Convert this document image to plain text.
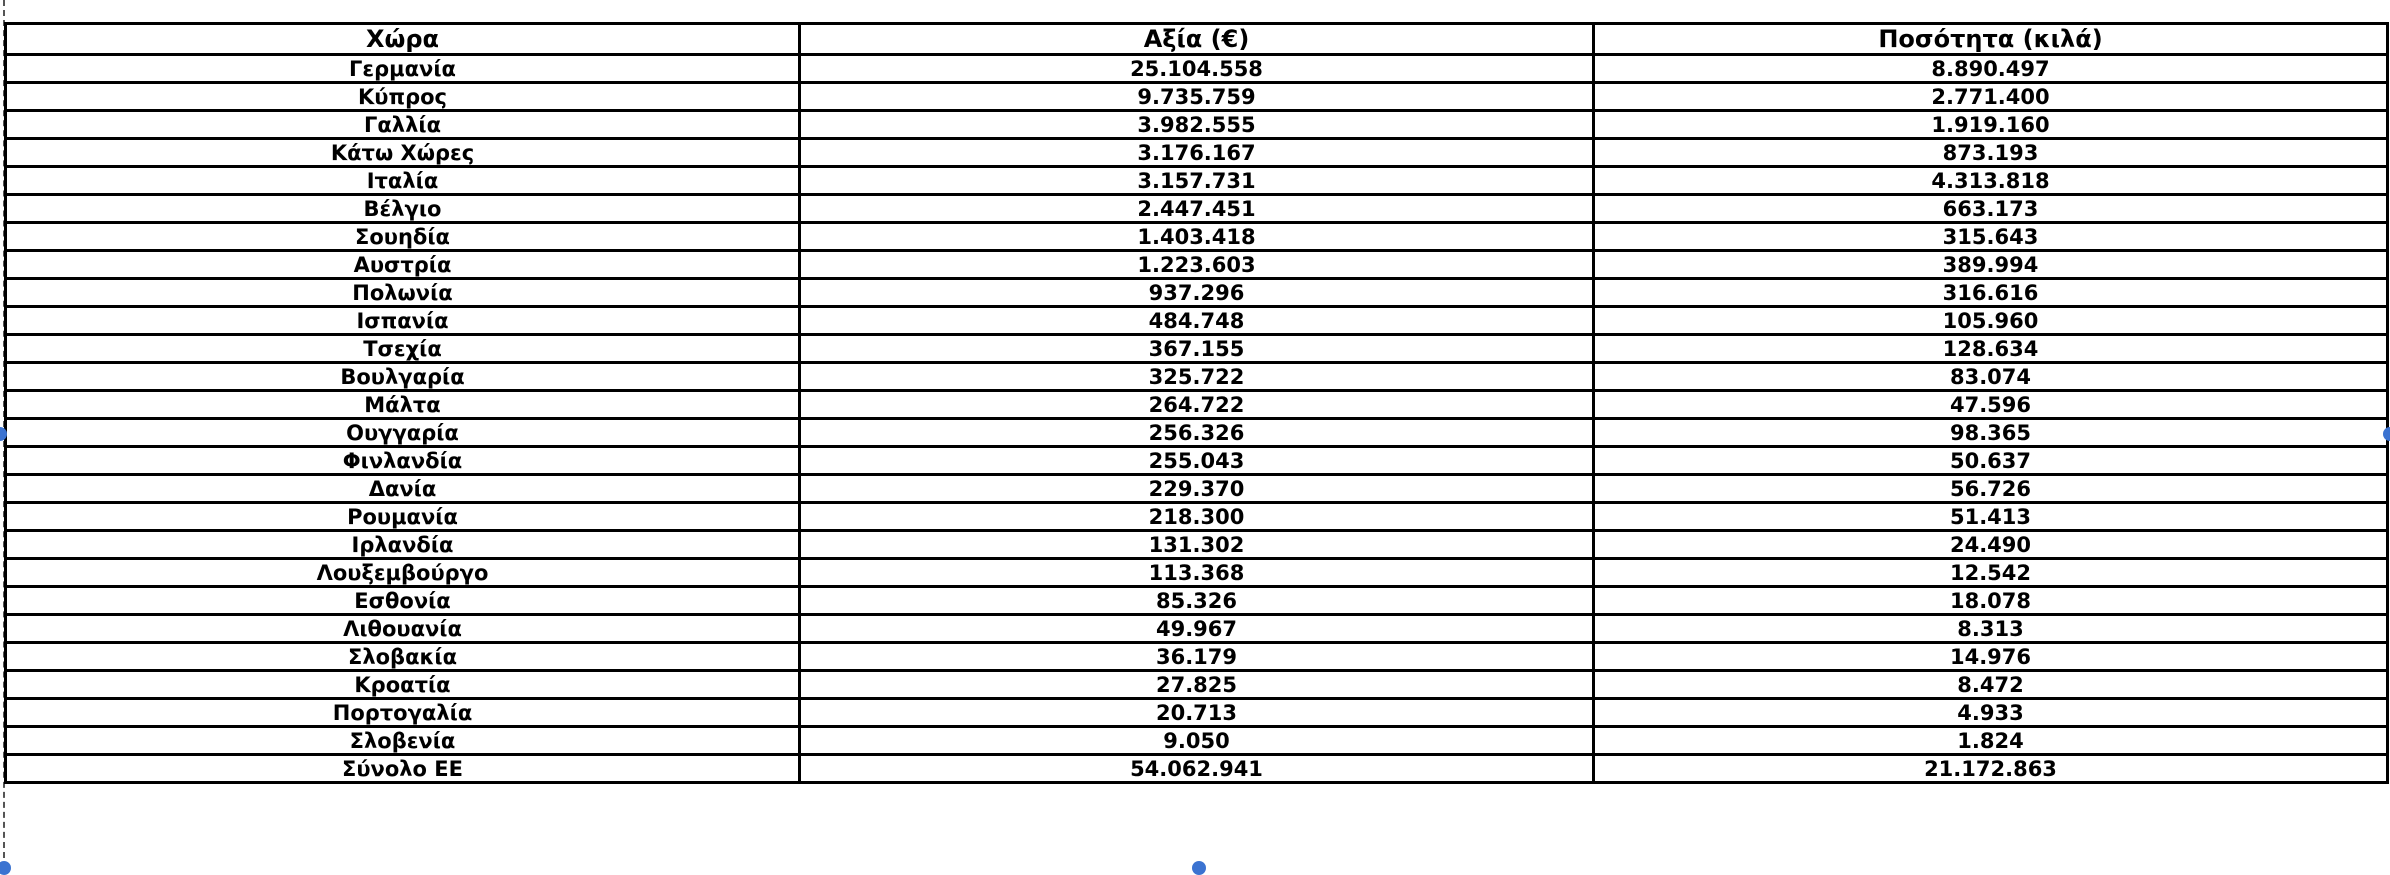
Χώρα	Αξία (€)	Ποσότητα (κιλά)
Γερμανία	25.104.558	8.890.497
Κύπρος	9.735.759	2.771.400
Γαλλία	3.982.555	1.919.160
Κάτω Χώρες	3.176.167	873.193
Ιταλία	3.157.731	4.313.818
Βέλγιο	2.447.451	663.173
Σουηδία	1.403.418	315.643
Αυστρία	1.223.603	389.994
Πολωνία	937.296	316.616
Ισπανία	484.748	105.960
Τσεχία	367.155	128.634
Βουλγαρία	325.722	83.074
Μάλτα	264.722	47.596
Ουγγαρία	256.326	98.365
Φινλανδία	255.043	50.637
Δανία	229.370	56.726
Ρουμανία	218.300	51.413
Ιρλανδία	131.302	24.490
Λουξεμβούργο	113.368	12.542
Εσθονία	85.326	18.078
Λιθουανία	49.967	8.313
Σλοβακία	36.179	14.976
Κροατία	27.825	8.472
Πορτογαλία	20.713	4.933
Σλοβενία	9.050	1.824
Σύνολο ΕΕ	54.062.941	21.172.863
